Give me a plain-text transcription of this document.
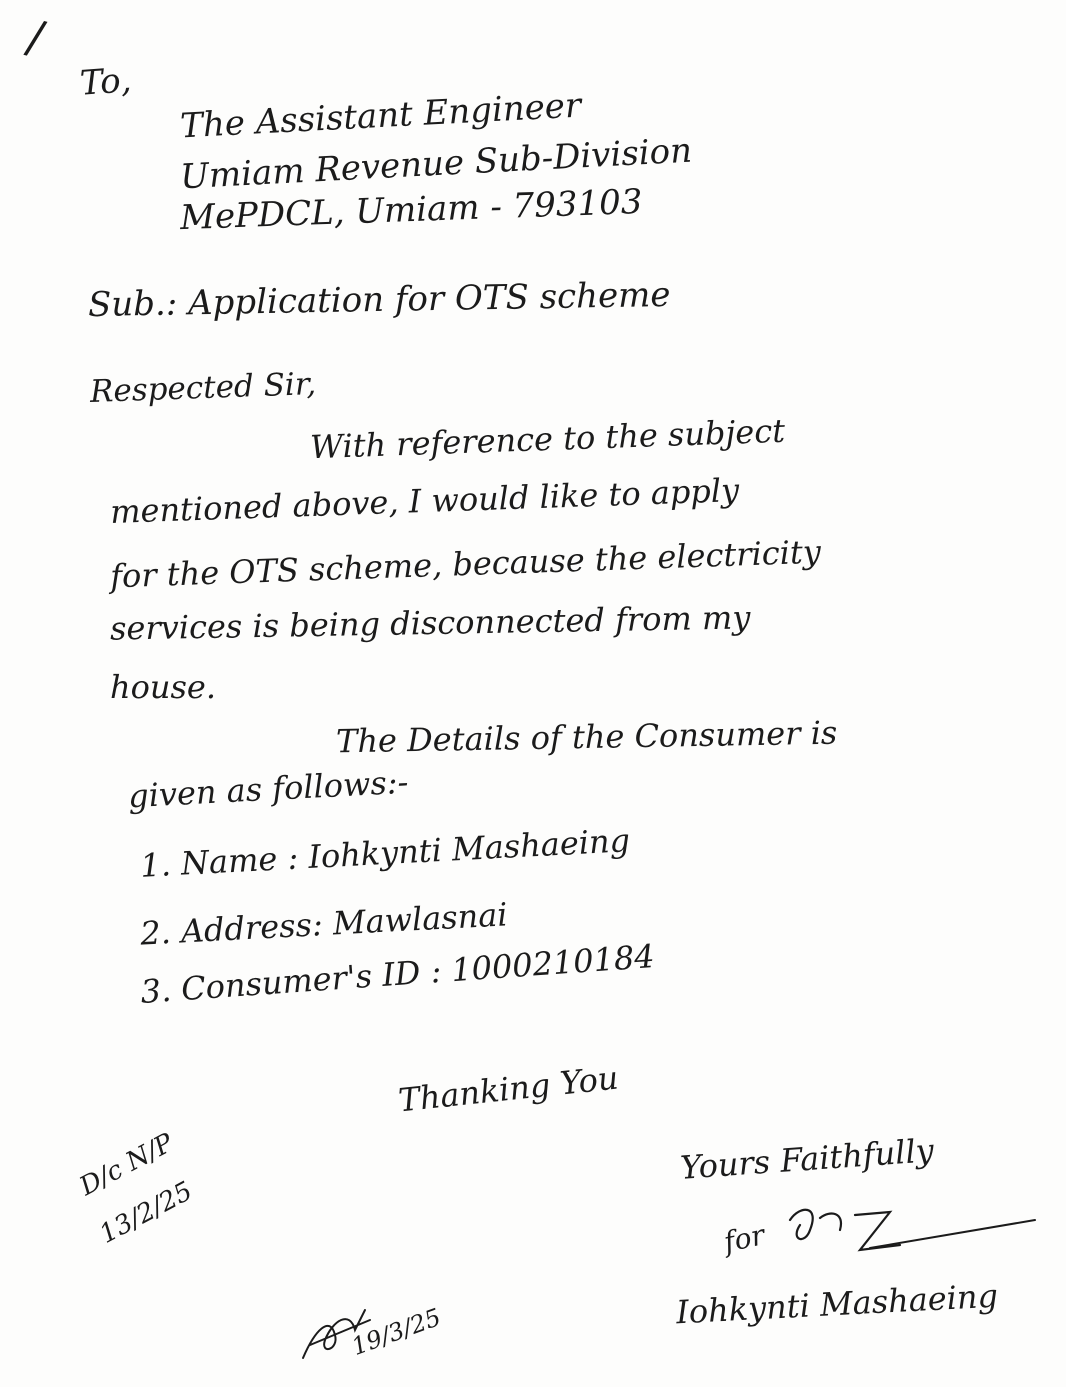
/
To,
The Assistant Engineer
Umiam Revenue Sub-Division
MePDCL, Umiam - 793103
Sub.: Application for OTS scheme
Respected Sir,
With reference to the subject
mentioned above, I would like to apply
for the OTS scheme, because the electricity
services is being disconnected from my
house.
The Details of the Consumer is
given as follows:-
1. Name : Iohkynti Mashaeing
2. Address: Mawlasnai
3. Consumer's ID : 1000210184
Thanking You
Yours Faithfully
for
Iohkynti Mashaeing
D/c N/P
13/2/25
19/3/25
